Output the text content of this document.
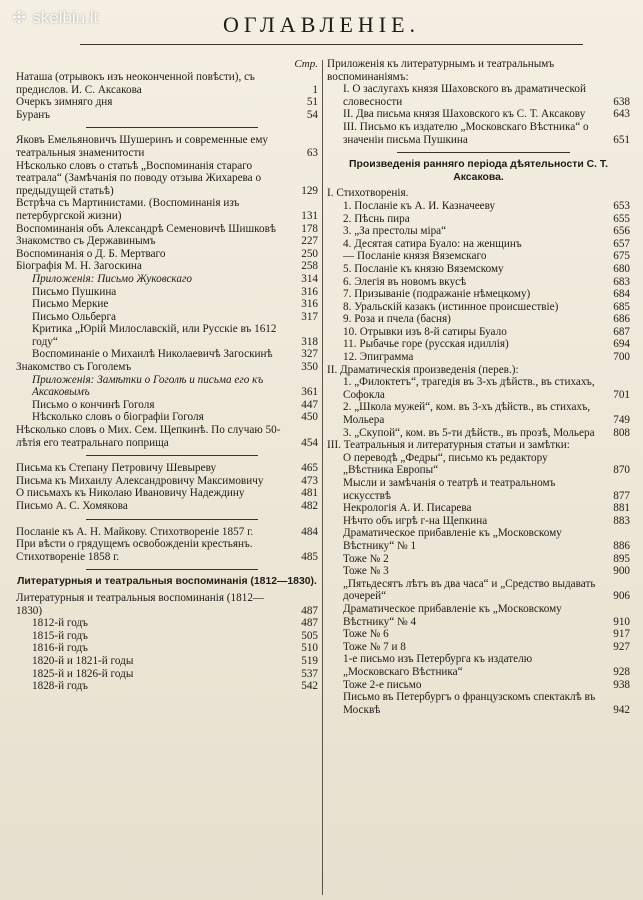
❉ skelbiu.lt	ОГЛАВЛЕНІЕ.
Стр.
Наташа (отрывокъ изъ неоконченной повѣсти), съ предислов. И. С. Аксакова	1
Очеркъ зимняго дня	51
Буранъ	54
Яковъ Емельяновичъ Шушеринъ и современные ему театральныя знаменитости	63
Нѣсколько словъ о статьѣ „Воспоминанія стараго театрала“ (Замѣчанія по поводу отзыва Жихарева о предыдущей статьѣ)	129
Встрѣча съ Мартинистами. (Воспоминанія изъ петербургской жизни)	131
Воспоминанія объ Александрѣ Семеновичѣ Шишковѣ	178
Знакомство съ Державинымъ	227
Воспоминанія о Д. Б. Мертваго	250
Біографія М. Н. Загоскина	258
Приложенія: Письмо Жуковскаго	314
Письмо Пушкина	316
Письмо Меркие	316
Письмо Ольберга	317
Критика „Юрій Милославскій, или Русскіе въ 1612 году“	318
Воспоминаніе о Михаилѣ Николаевичѣ Загоскинѣ	327
Знакомство съ Гоголемъ	350
Приложенія: Замѣтки о Гоголѣ и письма его къ Аксаковымъ	361
Письмо о кончинѣ Гоголя	447
Нѣсколько словъ о біографіи Гоголя	450
Нѣсколько словъ о Мих. Сем. Щепкинѣ. По случаю 50-лѣтія его театральнаго поприща	454
Письма къ Степану Петровичу Шевыреву	465
Письма къ Михаилу Александровичу Максимовичу	473
О письмахъ къ Николаю Ивановичу Надеждину	481
Письмо А. С. Хомякова	482
Посланіе къ А. Н. Майкову. Стихотвореніе 1857 г.	484
При вѣсти о грядущемъ освобожденіи крестьянъ. Стихотвореніе 1858 г.	485
Литературныя и театральныя воспоминанія (1812—1830).
Литературныя и театральныя воспоминанія (1812—1830)	487
1812-й годъ	487
1815-й годъ	505
1816-й годъ	510
1820-й и 1821-й годы	519
1825-й и 1826-й годы	537
1828-й годъ	542
Приложенія къ литературнымъ и театральнымъ воспоминаніямъ:
I. О заслугахъ князя Шаховского въ драматической словесности	638
II. Два письма князя Шаховского къ С. Т. Аксакову	643
III. Письмо къ издателю „Московскаго Вѣстника“ о значеніи письма Пушкина	651
Произведенія ранняго періода дѣятельности С. Т. Аксакова.
I. Стихотворенія.
1. Посланіе къ А. И. Казначееву	653
2. Пѣснь пира	655
3. „За престолы міра“	656
4. Десятая сатира Буало: на женщинъ	657
— Посланіе князя Вяземскаго	675
5. Посланіе къ князю Вяземскому	680
6. Элегія въ новомъ вкусѣ	683
7. Призываніе (подражаніе нѣмецкому)	684
8. Уральскій казакъ (истинное происшествіе)	685
9. Роза и пчела (басня)	686
10. Отрывки изъ 8-й сатиры Буало	687
11. Рыбачье горе (русская идиллія)	694
12. Эпиграмма	700
II. Драматическія произведенія (перев.):
1. „Филоктетъ“, трагедія въ 3-хъ дѣйств., въ стихахъ, Софокла	701
2. „Школа мужей“, ком. въ 3-хъ дѣйств., въ стихахъ, Мольера	749
3. „Скупой“, ком. въ 5-ти дѣйств., въ прозѣ, Мольера	808
III. Театральныя и литературныя статьи и замѣтки:
О переводѣ „Федры“, письмо къ редактору „Вѣстника Европы“	870
Мысли и замѣчанія о театрѣ и театральномъ искусствѣ	877
Некрологія А. И. Писарева	881
Нѣчто объ игрѣ г-на Щепкина	883
Драматическое прибавленіе къ „Московскому Вѣстнику“ № 1	886
Тоже № 2	895
Тоже № 3	900
„Пятьдесятъ лѣтъ въ два часа“ и „Средство выдавать дочерей“	906
Драматическое прибавленіе къ „Московскому Вѣстнику“ № 4	910
Тоже № 6	917
Тоже № 7 и 8	927
1-е письмо изъ Петербурга къ издателю „Московскаго Вѣстника“	928
Тоже 2-е письмо	938
Письмо въ Петербургъ о французскомъ спектаклѣ въ Москвѣ	942
